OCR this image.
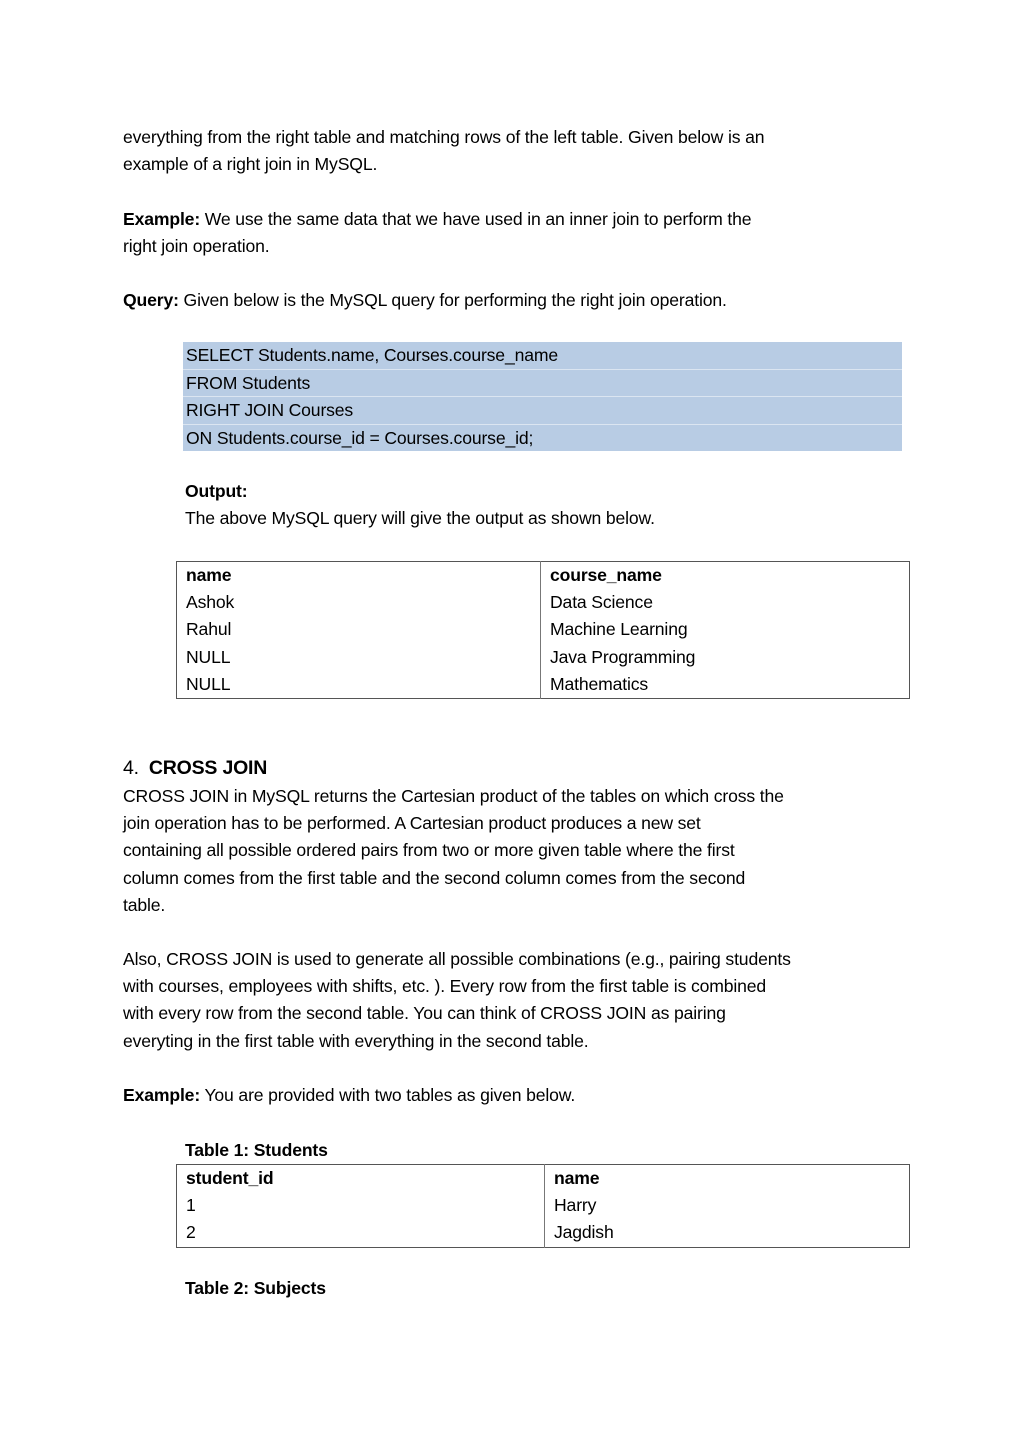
everything from the right table and matching rows of the left table. Given below is an
example of a right join in MySQL.

Example: We use the same data that we have used in an inner join to perform the
right join operation.

Query: Given below is the MySQL query for performing the right join operation.

SELECT Students.name, Courses.course_name
FROM Students
RIGHT JOIN Courses
ON Students.course_id = Courses.course_id;

Output:
The above MySQL query will give the output as shown below.

name	course_name
Ashok	Data Science
Rahul	Machine Learning
NULL	Java Programming
NULL	Mathematics
4. CROSS JOIN

CROSS JOIN in MySQL returns the Cartesian product of the tables on which cross the
join operation has to be performed. A Cartesian product produces a new set
containing all possible ordered pairs from two or more given table where the first
column comes from the first table and the second column comes from the second
table.

Also, CROSS JOIN is used to generate all possible combinations (e.g., pairing students
with courses, employees with shifts, etc. ). Every row from the first table is combined
with every row from the second table. You can think of CROSS JOIN as pairing
everyting in the first table with everything in the second table.

Example: You are provided with two tables as given below.

Table 1: Students

student_id	name
1	Harry
2	Jagdish

Table 2: Subjects
